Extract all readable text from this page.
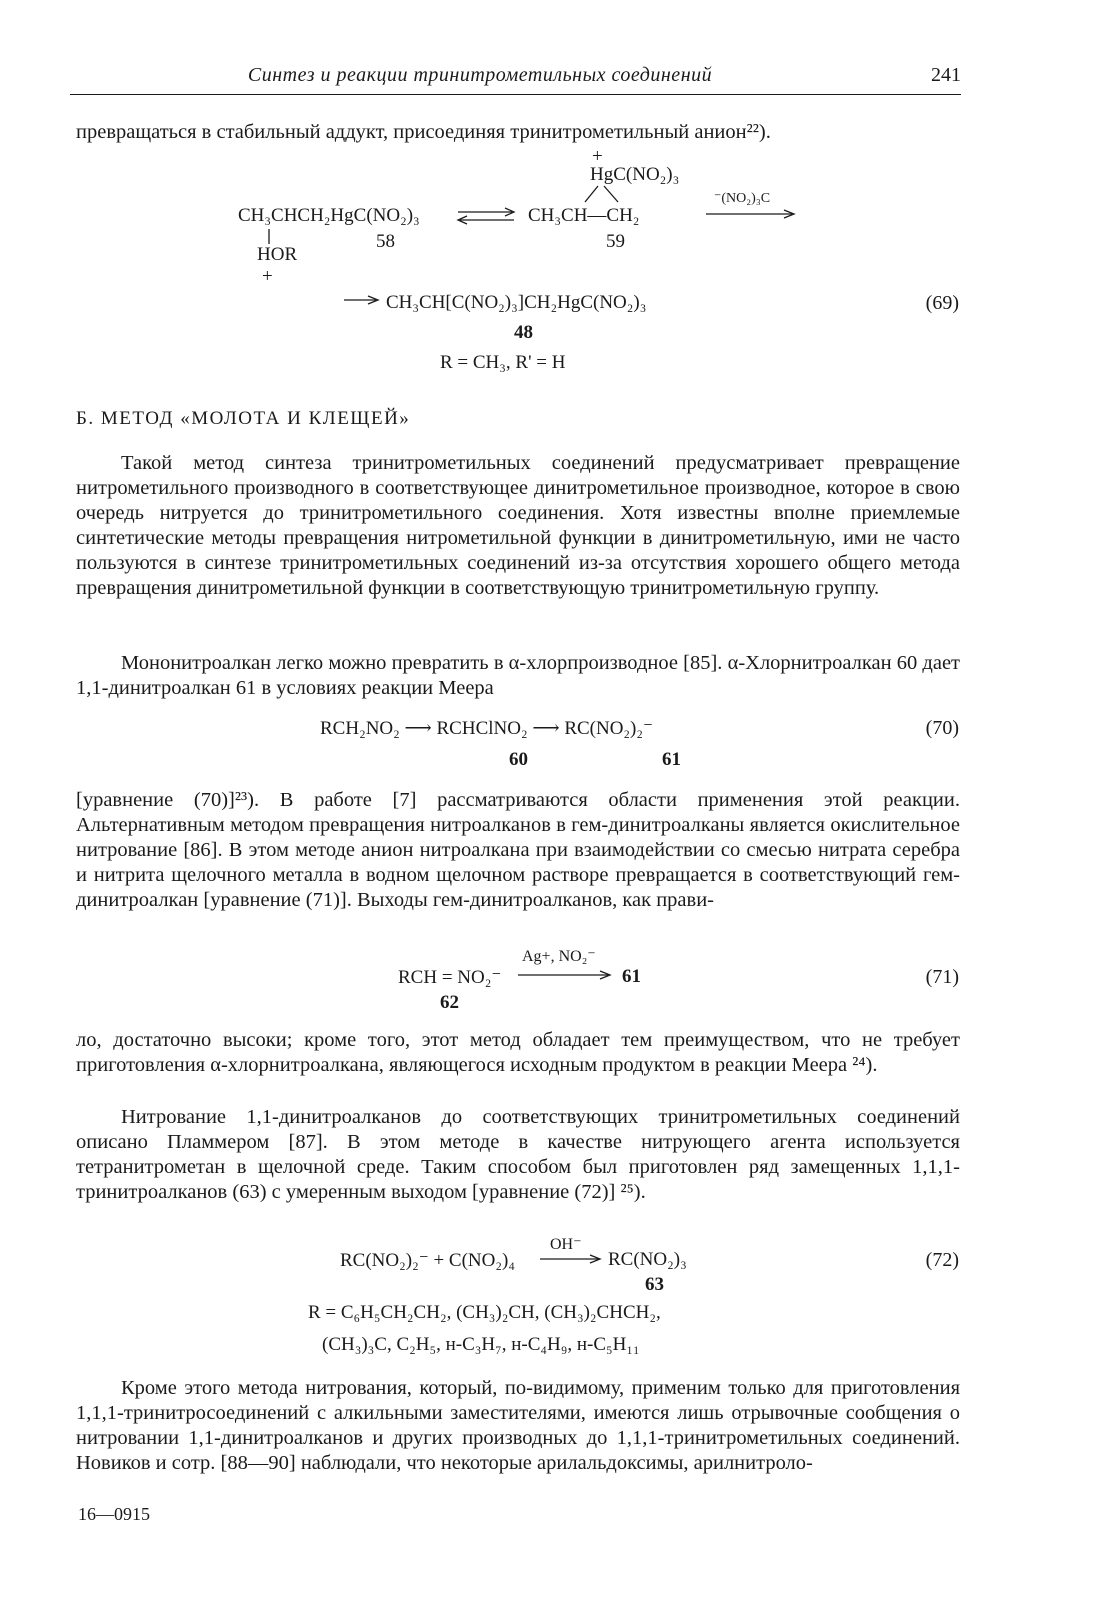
Синтез и реакции тринитрометильных соединений	241

превращаться в стабильный аддукт, присоединяя тринитрометильный анион²²).

+
HgC(NO₂)₃
⁻(NO₂)₃C
CH₃CHCH₂HgC(NO₂)₃	CH₃CH—CH₂
58	59
HOR
+
CH₃CH[C(NO₂)₃]CH₂HgC(NO₂)₃
48
R = CH₃, R' = H
(69)
Б. МЕТОД «МОЛОТА И КЛЕЩЕЙ»

Такой метод синтеза тринитрометильных соединений предусматривает превращение нитрометильного производного в соответствующее динитрометильное производное, которое в свою очередь нитруется до тринитрометильного соединения. Хотя известны вполне приемлемые синтетические методы превращения нитрометильной функции в динитрометильную, ими не часто пользуются в синтезе тринитрометильных соединений из-за отсутствия хорошего общего метода превращения динитрометильной функции в соответствующую тринитрометильную группу.

Мононитроалкан легко можно превратить в α-хлорпроизводное [85]. α-Хлорнитроалкан 60 дает 1,1-динитроалкан 61 в условиях реакции Меера

RCH₂NO₂ ⟶ RCHClNO₂ ⟶ RC(NO₂)₂⁻
60	61
(70)

[уравнение (70)]²³). В работе [7] рассматриваются области применения этой реакции. Альтернативным методом превращения нитроалканов в гем-динитроалканы является окислительное нитрование [86]. В этом методе анион нитроалкана при взаимодействии со смесью нитрата серебра и нитрита щелочного металла в водном щелочном растворе превращается в соответствующий гем-динитроалкан [уравнение (71)]. Выходы гем-динитроалканов, как прави-

Ag+, NO₂⁻
RCH = NO₂⁻	61
62
(71)

ло, достаточно высоки; кроме того, этот метод обладает тем преимуществом, что не требует приготовления α-хлорнитроалкана, являющегося исходным продуктом в реакции Меера ²⁴).

Нитрование 1,1-динитроалканов до соответствующих тринитрометильных соединений описано Пламмером [87]. В этом методе в качестве нитрующего агента используется тетранитрометан в щелочной среде. Таким способом был приготовлен ряд замещенных 1,1,1-тринитроалканов (63) с умеренным выходом [уравнение (72)] ²⁵).

OH⁻
RC(NO₂)₂⁻ + C(NO₂)₄	RC(NO₂)₃
63
R = C₆H₅CH₂CH₂, (CH₃)₂CH, (CH₃)₂CHCH₂,
(CH₃)₃C, C₂H₅, н-C₃H₇, н-C₄H₉, н-C₅H₁₁
(72)

Кроме этого метода нитрования, который, по-видимому, применим только для приготовления 1,1,1-тринитросоединений с алкильными заместителями, имеются лишь отрывочные сообщения о нитровании 1,1-динитроалканов и других производных до 1,1,1-тринитрометильных соединений. Новиков и сотр. [88—90] наблюдали, что некоторые арилальдоксимы, арилнитроло-

16—0915
